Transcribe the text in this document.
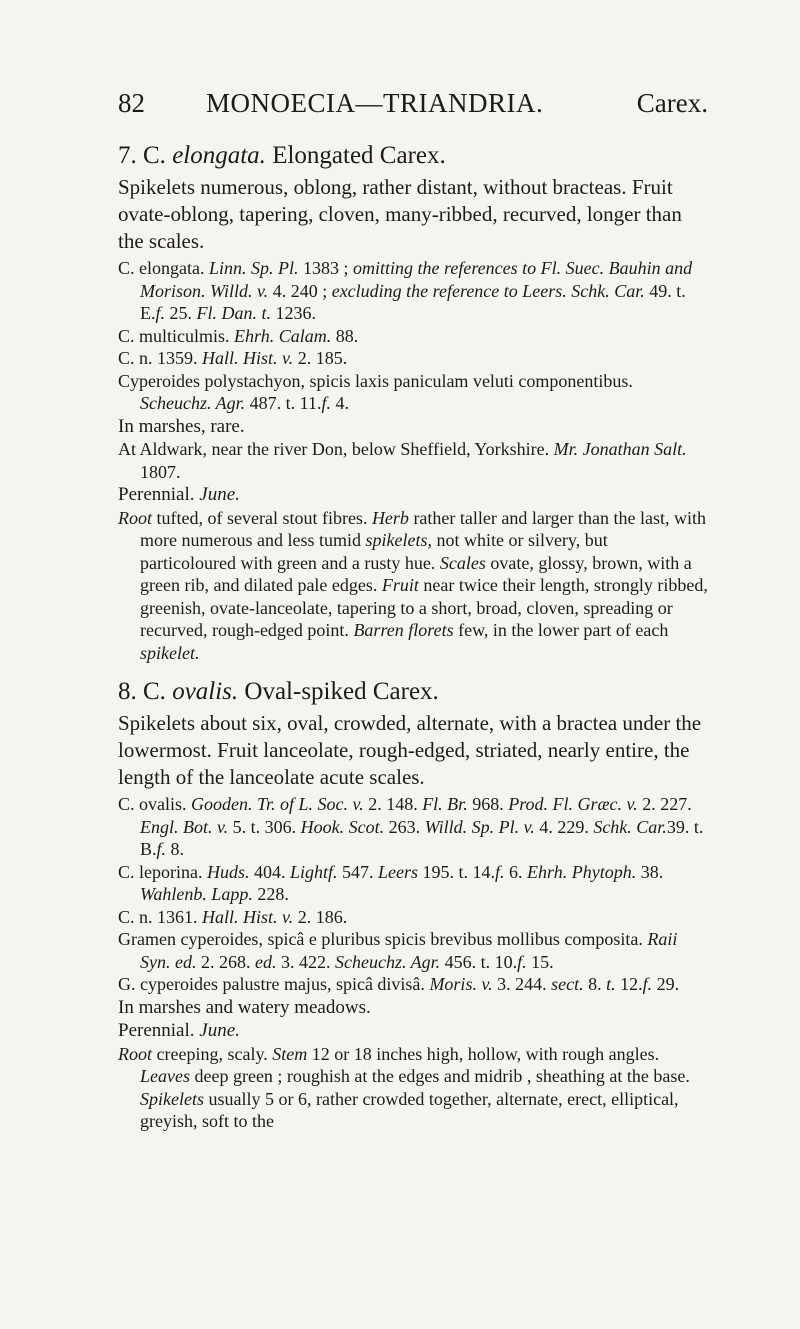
82 MONOECIA—TRIANDRIA.	Carex.

7. C. elongata. Elongated Carex.

Spikelets numerous, oblong, rather distant, without bracteas. Fruit ovate-oblong, tapering, cloven, many-ribbed, recurved, longer than the scales.

C. elongata. Linn. Sp. Pl. 1383 ; omitting the references to Fl. Suec. Bauhin and Morison. Willd. v. 4. 240 ; excluding the reference to Leers. Schk. Car. 49. t. E.f. 25. Fl. Dan. t. 1236.

C. multiculmis. Ehrh. Calam. 88.

C. n. 1359. Hall. Hist. v. 2. 185.

Cyperoides polystachyon, spicis laxis paniculam veluti componentibus. Scheuchz. Agr. 487. t. 11.f. 4.

In marshes, rare.

At Aldwark, near the river Don, below Sheffield, Yorkshire. Mr. Jonathan Salt. 1807.

Perennial. June.

Root tufted, of several stout fibres. Herb rather taller and larger than the last, with more numerous and less tumid spikelets, not white or silvery, but particoloured with green and a rusty hue. Scales ovate, glossy, brown, with a green rib, and dilated pale edges. Fruit near twice their length, strongly ribbed, greenish, ovate-lanceolate, tapering to a short, broad, cloven, spreading or recurved, rough-edged point. Barren florets few, in the lower part of each spikelet.

8. C. ovalis. Oval-spiked Carex.

Spikelets about six, oval, crowded, alternate, with a bractea under the lowermost. Fruit lanceolate, rough-edged, striated, nearly entire, the length of the lanceolate acute scales.

C. ovalis. Gooden. Tr. of L. Soc. v. 2. 148. Fl. Br. 968. Prod. Fl. Græc. v. 2. 227. Engl. Bot. v. 5. t. 306. Hook. Scot. 263. Willd. Sp. Pl. v. 4. 229. Schk. Car.39. t. B.f. 8.

C. leporina. Huds. 404. Lightf. 547. Leers 195. t. 14.f. 6. Ehrh. Phytoph. 38. Wahlenb. Lapp. 228.

C. n. 1361. Hall. Hist. v. 2. 186.

Gramen cyperoides, spicâ e pluribus spicis brevibus mollibus composita. Raii Syn. ed. 2. 268. ed. 3. 422. Scheuchz. Agr. 456. t. 10.f. 15.

G. cyperoides palustre majus, spicâ divisâ. Moris. v. 3. 244. sect. 8. t. 12.f. 29.

In marshes and watery meadows.

Perennial. June.

Root creeping, scaly. Stem 12 or 18 inches high, hollow, with rough angles. Leaves deep green ; roughish at the edges and midrib , sheathing at the base. Spikelets usually 5 or 6, rather crowded together, alternate, erect, elliptical, greyish, soft to the
